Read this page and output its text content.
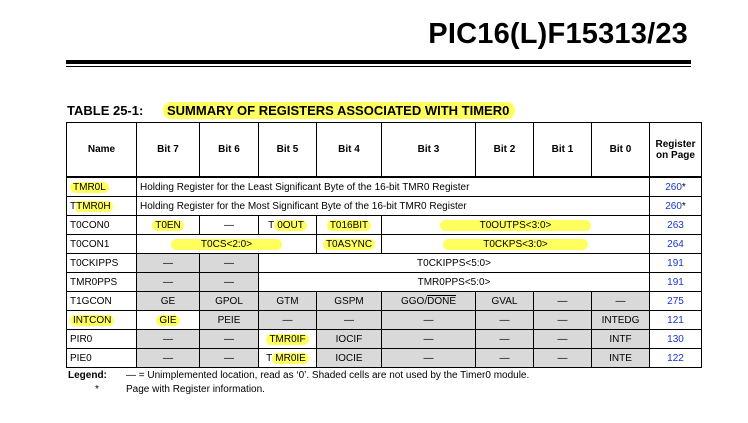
PIC16(L)F15313/23
TABLE 25-1: SUMMARY OF REGISTERS ASSOCIATED WITH TIMER0
Name	Bit 7	Bit 6	Bit 5	Bit 4	Bit 3	Bit 2	Bit 1	Bit 0	Register
on Page
TMR0L	Holding Register for the Least Significant Byte of the 16-bit TMR0 Register								260*
TTMR0H	Holding Register for the Most Significant Byte of the 16-bit TMR0 Register								260*
T0CON0	T0EN	—	T 0OUT	T016BIT	T0OUTPS<3:0>				263
T0CON1	T0CS<2:0>			T0ASYNC	T0CKPS<3:0>				264
T0CKIPPS	—	—	T0CKIPPS<5:0>						191
TMR0PPS	—	—	TMR0PPS<5:0>						191
T1GCON	GE	GPOL	GTM	GSPM	GGO/DONE	GVAL	—	—	275
INTCON	GIE	PEIE	—	—	—	—	—	INTEDG	121
PIR0	—	—	TMR0IF	IOCIF	—	—	—	INTF	130
PIE0	—	—	T MR0IE	IOCIE	—	—	—	INTE	122
Legend:	— = Unimplemented location, read as ‘0’. Shaded cells are not used by the Timer0 module.
*	Page with Register information.
